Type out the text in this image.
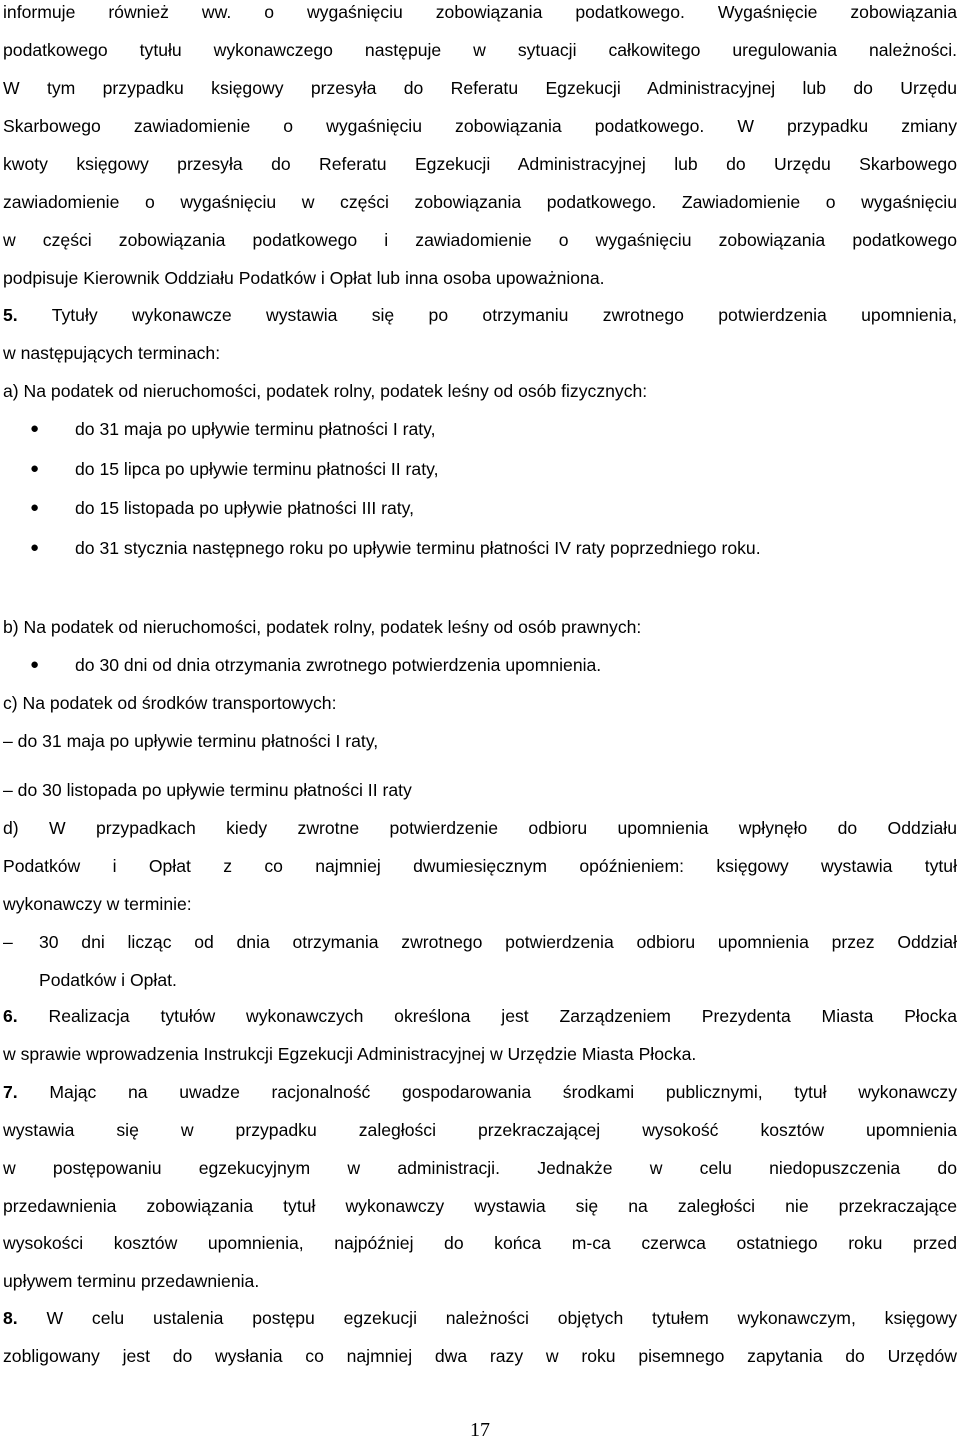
informuje również ww. o wygaśnięciu zobowiązania podatkowego. Wygaśnięcie zobowiązania
podatkowego tytułu wykonawczego następuje w sytuacji całkowitego uregulowania należności.
W tym przypadku księgowy przesyła do Referatu Egzekucji Administracyjnej lub do Urzędu
Skarbowego zawiadomienie o wygaśnięciu zobowiązania podatkowego. W przypadku zmiany
kwoty księgowy przesyła do Referatu Egzekucji Administracyjnej lub do Urzędu Skarbowego
zawiadomienie o wygaśnięciu w części zobowiązania podatkowego. Zawiadomienie o wygaśnięciu
w części zobowiązania podatkowego i zawiadomienie o wygaśnięciu zobowiązania podatkowego
podpisuje Kierownik Oddziału Podatków i Opłat lub inna osoba upoważniona.
5. Tytuły wykonawcze wystawia się po otrzymaniu zwrotnego potwierdzenia upomnienia,
w następujących terminach:
a) Na podatek od nieruchomości, podatek rolny, podatek leśny od osób fizycznych:
●	do 31 maja po upływie terminu płatności I raty,
●	do 15 lipca po upływie terminu płatności II raty,
●	do 15 listopada po upływie płatności III raty,
●	do 31 stycznia następnego roku po upływie terminu płatności IV raty poprzedniego roku.
b) Na podatek od nieruchomości, podatek rolny, podatek leśny od osób prawnych:
●	do 30 dni od dnia otrzymania zwrotnego potwierdzenia upomnienia.
c) Na podatek od środków transportowych:
– do 31 maja po upływie terminu płatności I raty,
– do 30 listopada po upływie terminu płatności II raty
d) W przypadkach kiedy zwrotne potwierdzenie odbioru upomnienia wpłynęło do Oddziału
Podatków i Opłat z co najmniej dwumiesięcznym opóźnieniem: księgowy wystawia tytuł
wykonawczy w terminie:
–	30 dni licząc od dnia otrzymania zwrotnego potwierdzenia odbioru upomnienia przez Oddział
Podatków i Opłat.
6. Realizacja tytułów wykonawczych określona jest Zarządzeniem Prezydenta Miasta Płocka
w sprawie wprowadzenia Instrukcji Egzekucji Administracyjnej w Urzędzie Miasta Płocka.
7. Mając na uwadze racjonalność gospodarowania środkami publicznymi, tytuł wykonawczy
wystawia się w przypadku zaległości przekraczającej wysokość kosztów upomnienia
w postępowaniu egzekucyjnym w administracji. Jednakże w celu niedopuszczenia do
przedawnienia zobowiązania tytuł wykonawczy wystawia się na zaległości nie przekraczające
wysokości kosztów upomnienia, najpóźniej do końca m-ca czerwca ostatniego roku przed
upływem terminu przedawnienia.
8. W celu ustalenia postępu egzekucji należności objętych tytułem wykonawczym, księgowy
zobligowany jest do wysłania co najmniej dwa razy w roku pisemnego zapytania do Urzędów
17
